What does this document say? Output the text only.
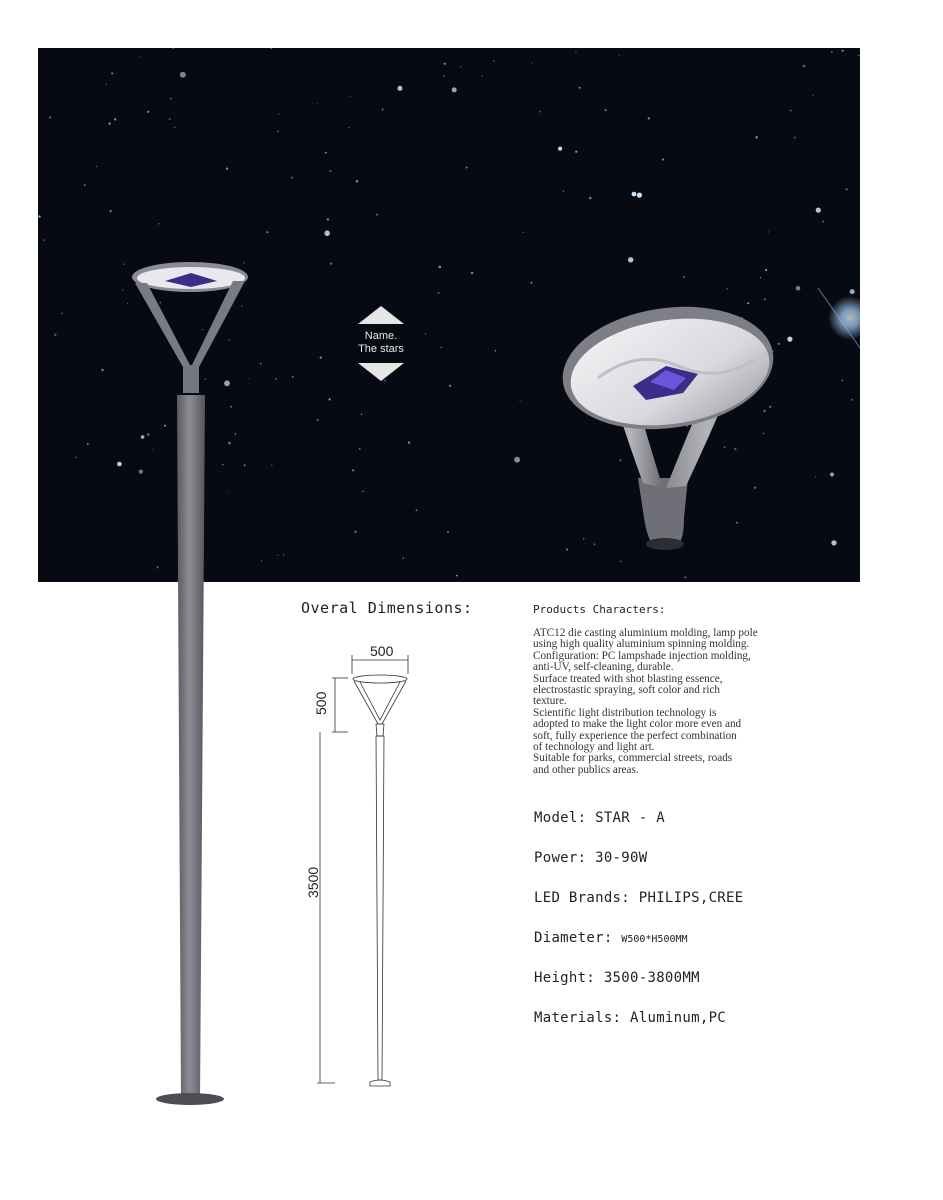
Name.
The stars
Overal Dimensions:
500
500
3500
Products Characters:
ATC12 die casting aluminium molding, lamp pole
using high quality aluminium spinning molding.
Configuration: PC lampshade injection molding,
anti-UV, self-cleaning, durable.
Surface treated with shot blasting essence,
electrostastic spraying, soft color and rich
texture.
Scientific light distribution technology is
adopted to make the light color more even and
soft, fully experience the perfect combination
of technology and light art.
Suitable for parks, commercial streets, roads
and other publics areas.
Model: STAR - A
Power: 30-90W
LED Brands: PHILIPS,CREE
Diameter: W500*H500MM
Height: 3500-3800MM
Materials: Aluminum,PC
